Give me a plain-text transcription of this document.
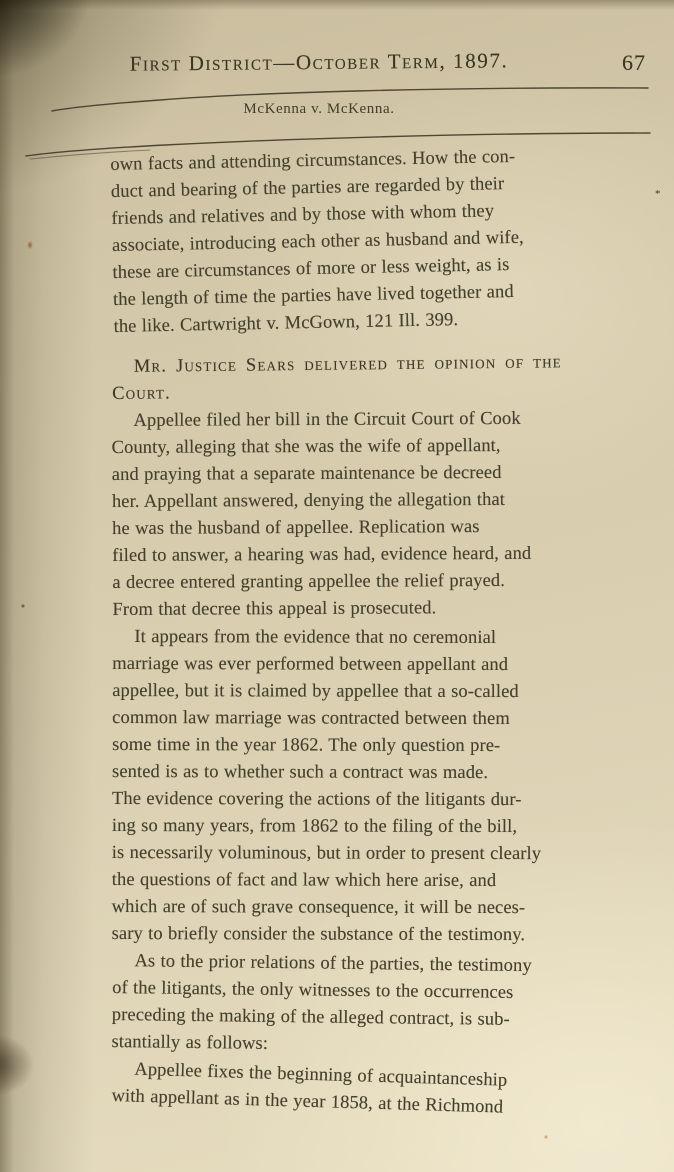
First District—October Term, 1897.	67
McKenna v. McKenna.
own facts and attending circumstances. How the con-
duct and bearing of the parties are regarded by their
friends and relatives and by those with whom they
associate, introducing each other as husband and wife,
these are circumstances of more or less weight, as is
the length of time the parties have lived together and
the like. Cartwright v. McGown, 121 Ill. 399.
Mr. Justice Sears delivered the opinion of the
Court.
Appellee filed her bill in the Circuit Court of Cook
County, alleging that she was the wife of appellant,
and praying that a separate maintenance be decreed
her. Appellant answered, denying the allegation that
he was the husband of appellee. Replication was
filed to answer, a hearing was had, evidence heard, and
a decree entered granting appellee the relief prayed.
From that decree this appeal is prosecuted.
It appears from the evidence that no ceremonial
marriage was ever performed between appellant and
appellee, but it is claimed by appellee that a so-called
common law marriage was contracted between them
some time in the year 1862. The only question pre-
sented is as to whether such a contract was made.
The evidence covering the actions of the litigants dur-
ing so many years, from 1862 to the filing of the bill,
is necessarily voluminous, but in order to present clearly
the questions of fact and law which here arise, and
which are of such grave consequence, it will be neces-
sary to briefly consider the substance of the testimony.
As to the prior relations of the parties, the testimony
of the litigants, the only witnesses to the occurrences
preceding the making of the alleged contract, is sub-
stantially as follows:
Appellee fixes the beginning of acquaintanceship
with appellant as in the year 1858, at the Richmond
*
